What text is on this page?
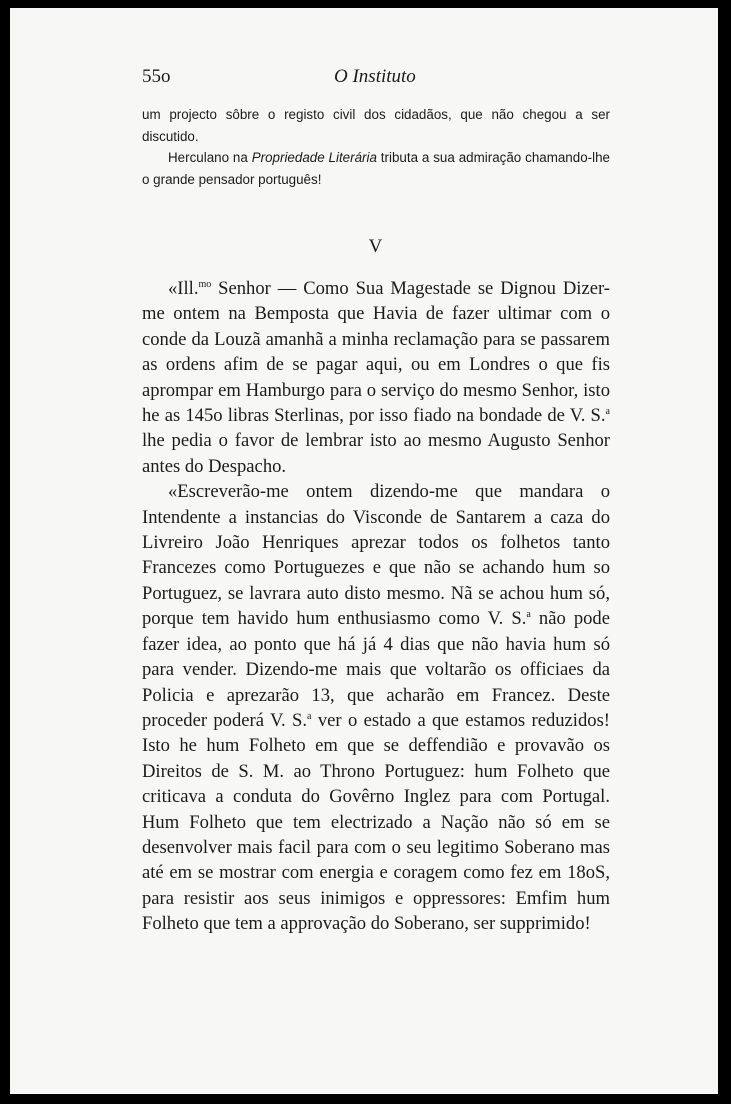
55o	O Instituto

um projecto sôbre o registo civil dos cidadãos, que não chegou a ser discutido.

Herculano na Propriedade Literária tributa a sua admiração chamando-lhe o grande pensador português!

V

«Ill.$^{mo}$ Senhor — Como Sua Magestade se Dignou Dizer-me ontem na Bemposta que Havia de fazer ultimar com o conde da Louzã amanhã a minha reclamação para se passarem as ordens afim de se pagar aqui, ou em Londres o que fis aprompar em Hamburgo para o serviço do mesmo Senhor, isto he as 145o libras Sterlinas, por isso fiado na bondade de V. S.$^a$ lhe pedia o favor de lembrar isto ao mesmo Augusto Senhor antes do Despacho.

«Escreverão-me ontem dizendo-me que mandara o Intendente a instancias do Visconde de Santarem a caza do Livreiro João Henriques aprezar todos os folhetos tanto Francezes como Portuguezes e que não se achando hum so Portuguez, se lavrara auto disto mesmo. Nã se achou hum só, porque tem havido hum enthusiasmo como V. S.$^a$ não pode fazer idea, ao ponto que há já 4 dias que não havia hum só para vender. Dizendo-me mais que voltarão os officiaes da Policia e aprezarão 13, que acharão em Francez. Deste proceder poderá V. S.$^a$ ver o estado a que estamos reduzidos! Isto he hum Folheto em que se deffendião e provavão os Direitos de S. M. ao Throno Portuguez: hum Folheto que criticava a conduta do Govêrno Inglez para com Portugal. Hum Folheto que tem electrizado a Nação não só em se desenvolver mais facil para com o seu legitimo Soberano mas até em se mostrar com energia e coragem como fez em 18oS, para resistir aos seus inimigos e oppressores: Emfim hum Folheto que tem a approvação do Soberano, ser supprimido!
